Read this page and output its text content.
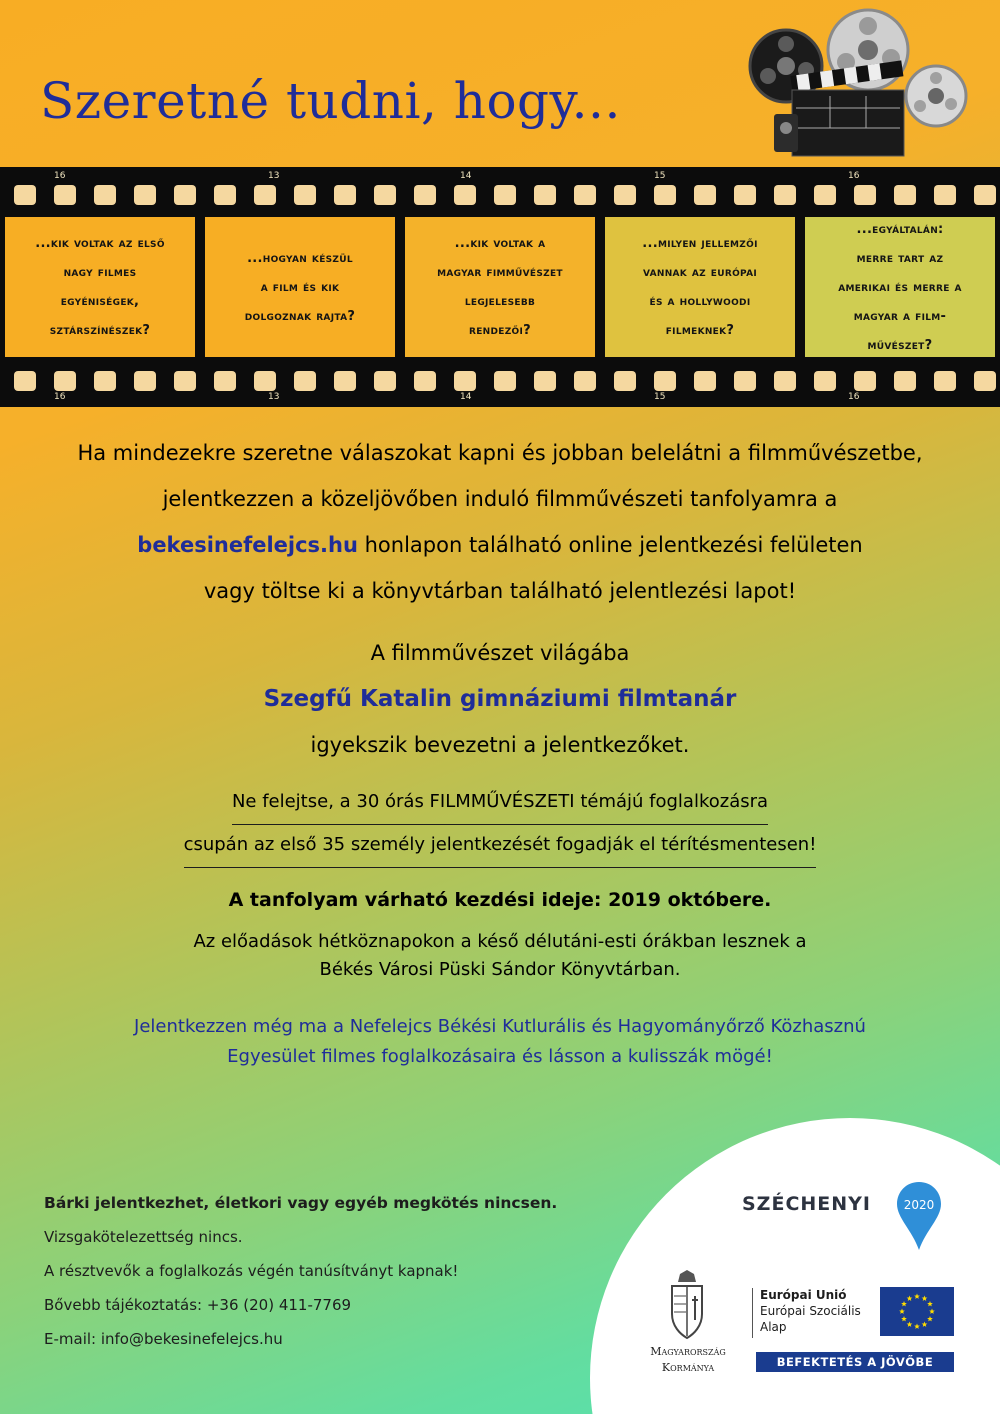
Szeretné tudni, hogy...
16	13	14	15	16
16	13	14	15	16
...kik voltak az első
nagy filmes
egyéniségek,
sztárszínészek?
...hogyan készül
a film és kik
dolgoznak rajta?
...kik voltak a
magyar fimművészet
legjelesebb
rendezői?
...milyen jellemzői
vannak az európai
és a hollywoodi
filmeknek?
...egyáltalán:
merre tart az
amerikai és merre a
magyar a film-
művészet?
Ha mindezekre szeretne válaszokat kapni és jobban belelátni a filmművészetbe,
jelentkezzen a közeljövőben induló filmművészeti tanfolyamra a
bekesinefelejcs.hu honlapon található online jelentkezési felületen
vagy töltse ki a könyvtárban található jelentlezési lapot!
A filmművészet világába
Szegfű Katalin gimnáziumi filmtanár
igyekszik bevezetni a jelentkezőket.
Ne felejtse, a 30 órás FILMMŰVÉSZETI témájú foglalkozásra
csupán az első 35 személy jelentkezését fogadják el térítésmentesen!
A tanfolyam várható kezdési ideje: 2019 októbere.
Az előadások hétköznapokon a késő délutáni-esti órákban lesznek a
Békés Városi Püski Sándor Könyvtárban.
Jelentkezzen még ma a Nefelejcs Békési Kutlurális és Hagyományőrző Közhasznú
Egyesület filmes foglalkozásaira és lásson a kulisszák mögé!
Bárki jelentkezhet, életkori vagy egyéb megkötés nincsen.
Vizsgakötelezettség nincs.
A résztvevők a foglalkozás végén tanúsítványt kapnak!
Bővebb tájékoztatás: +36 (20) 411-7769
E-mail: info@bekesinefelejcs.hu
SZÉCHENYI	2020
Magyarország
Kormánya
Európai Unió
Európai Szociális
Alap
BEFEKTETÉS A JÖVŐBE
